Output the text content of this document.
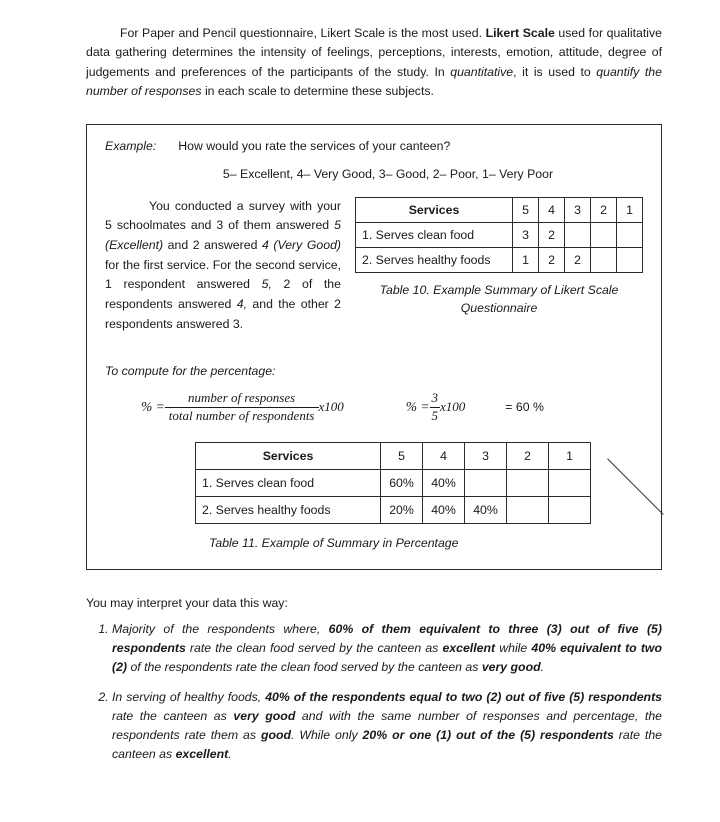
For Paper and Pencil questionnaire, Likert Scale is the most used. Likert Scale used for qualitative data gathering determines the intensity of feelings, perceptions, interests, emotion, attitude, degree of judgements and preferences of the participants of the study. In quantitative, it is used to quantify the number of responses in each scale to determine these subjects.

Example: How would you rate the services of your canteen?
5– Excellent, 4– Very Good, 3– Good, 2– Poor, 1– Very Poor
You conducted a survey with your 5 schoolmates and 3 of them answered 5 (Excellent) and 2 answered 4 (Very Good) for the first service. For the second service, 1 respondent answered 5, 2 of the respondents answered 4, and the other 2 respondents answered 3.
Services	5	4	3	2	1
1. Serves clean food	3	2			
2. Serves healthy foods	1	2	2		
Table 10. Example Summary of Likert Scale Questionnaire
To compute for the percentage:
% = $\frac{\text{number of responses}}{\text{total number of respondents}} x100$	% = $\frac{3}{5} x100$	= 60 %
Services	5	4	3	2	1
1. Serves clean food	60%	40%			
2. Serves healthy foods	20%	40%	40%		
Table 11. Example of Summary in Percentage

You may interpret your data this way:

1. Majority of the respondents where, 60% of them equivalent to three (3) out of five (5) respondents rate the clean food served by the canteen as excellent while 40% equivalent to two (2) of the respondents rate the clean food served by the canteen as very good.
2. In serving of healthy foods, 40% of the respondents equal to two (2) out of five (5) respondents rate the canteen as very good and with the same number of responses and percentage, the respondents rate them as good. While only 20% or one (1) out of the (5) respondents rate the canteen as excellent.
